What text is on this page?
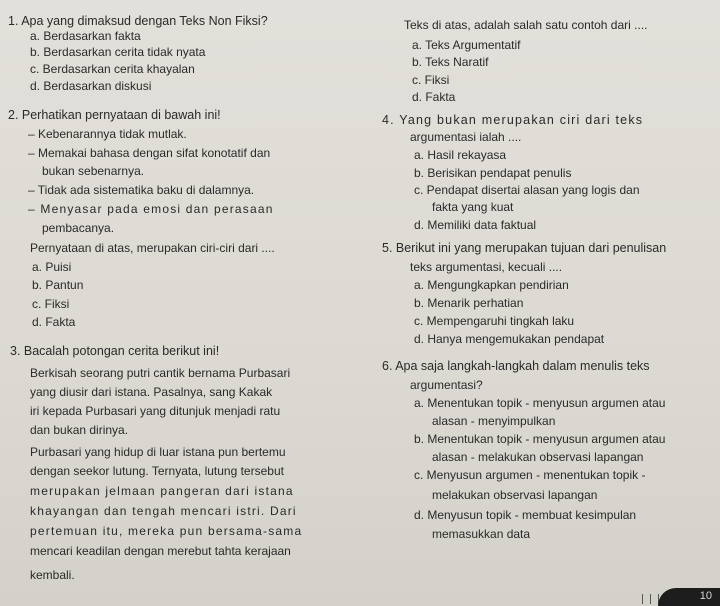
1. Apa yang dimaksud dengan Teks Non Fiksi?
a. Berdasarkan fakta
b. Berdasarkan cerita tidak nyata
c. Berdasarkan cerita khayalan
d. Berdasarkan diskusi
2. Perhatikan pernyataan di bawah ini!
– Kebenarannya tidak mutlak.
– Memakai bahasa dengan sifat konotatif dan
bukan sebenarnya.
– Tidak ada sistematika baku di dalamnya.
– Menyasar pada emosi dan perasaan
pembacanya.
Pernyataan di atas, merupakan ciri-ciri dari ....
a. Puisi
b. Pantun
c. Fiksi
d. Fakta
3. Bacalah potongan cerita berikut ini!
Berkisah seorang putri cantik bernama Purbasari
yang diusir dari istana. Pasalnya, sang Kakak
iri kepada Purbasari yang ditunjuk menjadi ratu
dan bukan dirinya.
Purbasari yang hidup di luar istana pun bertemu
dengan seekor lutung. Ternyata, lutung tersebut
merupakan jelmaan pangeran dari istana
khayangan dan tengah mencari istri. Dari
pertemuan itu, mereka pun bersama-sama
mencari keadilan dengan merebut tahta kerajaan
kembali.
Teks di atas, adalah salah satu contoh dari ....
a. Teks Argumentatif
b. Teks Naratif
c. Fiksi
d. Fakta
4. Yang bukan merupakan ciri dari teks
argumentasi ialah ....
a. Hasil rekayasa
b. Berisikan pendapat penulis
c. Pendapat disertai alasan yang logis dan
fakta yang kuat
d. Memiliki data faktual
5. Berikut ini yang merupakan tujuan dari penulisan
teks argumentasi, kecuali ....
a. Mengungkapkan pendirian
b. Menarik perhatian
c. Mempengaruhi tingkah laku
d. Hanya mengemukakan pendapat
6. Apa saja langkah-langkah dalam menulis teks
argumentasi?
a. Menentukan topik - menyusun argumen atau
alasan - menyimpulkan
b. Menentukan topik - menyusun argumen atau
alasan - melakukan observasi lapangan
c. Menyusun argumen - menentukan topik -
melakukan observasi lapangan
d. Menyusun topik - membuat kesimpulan
memasukkan data
10
